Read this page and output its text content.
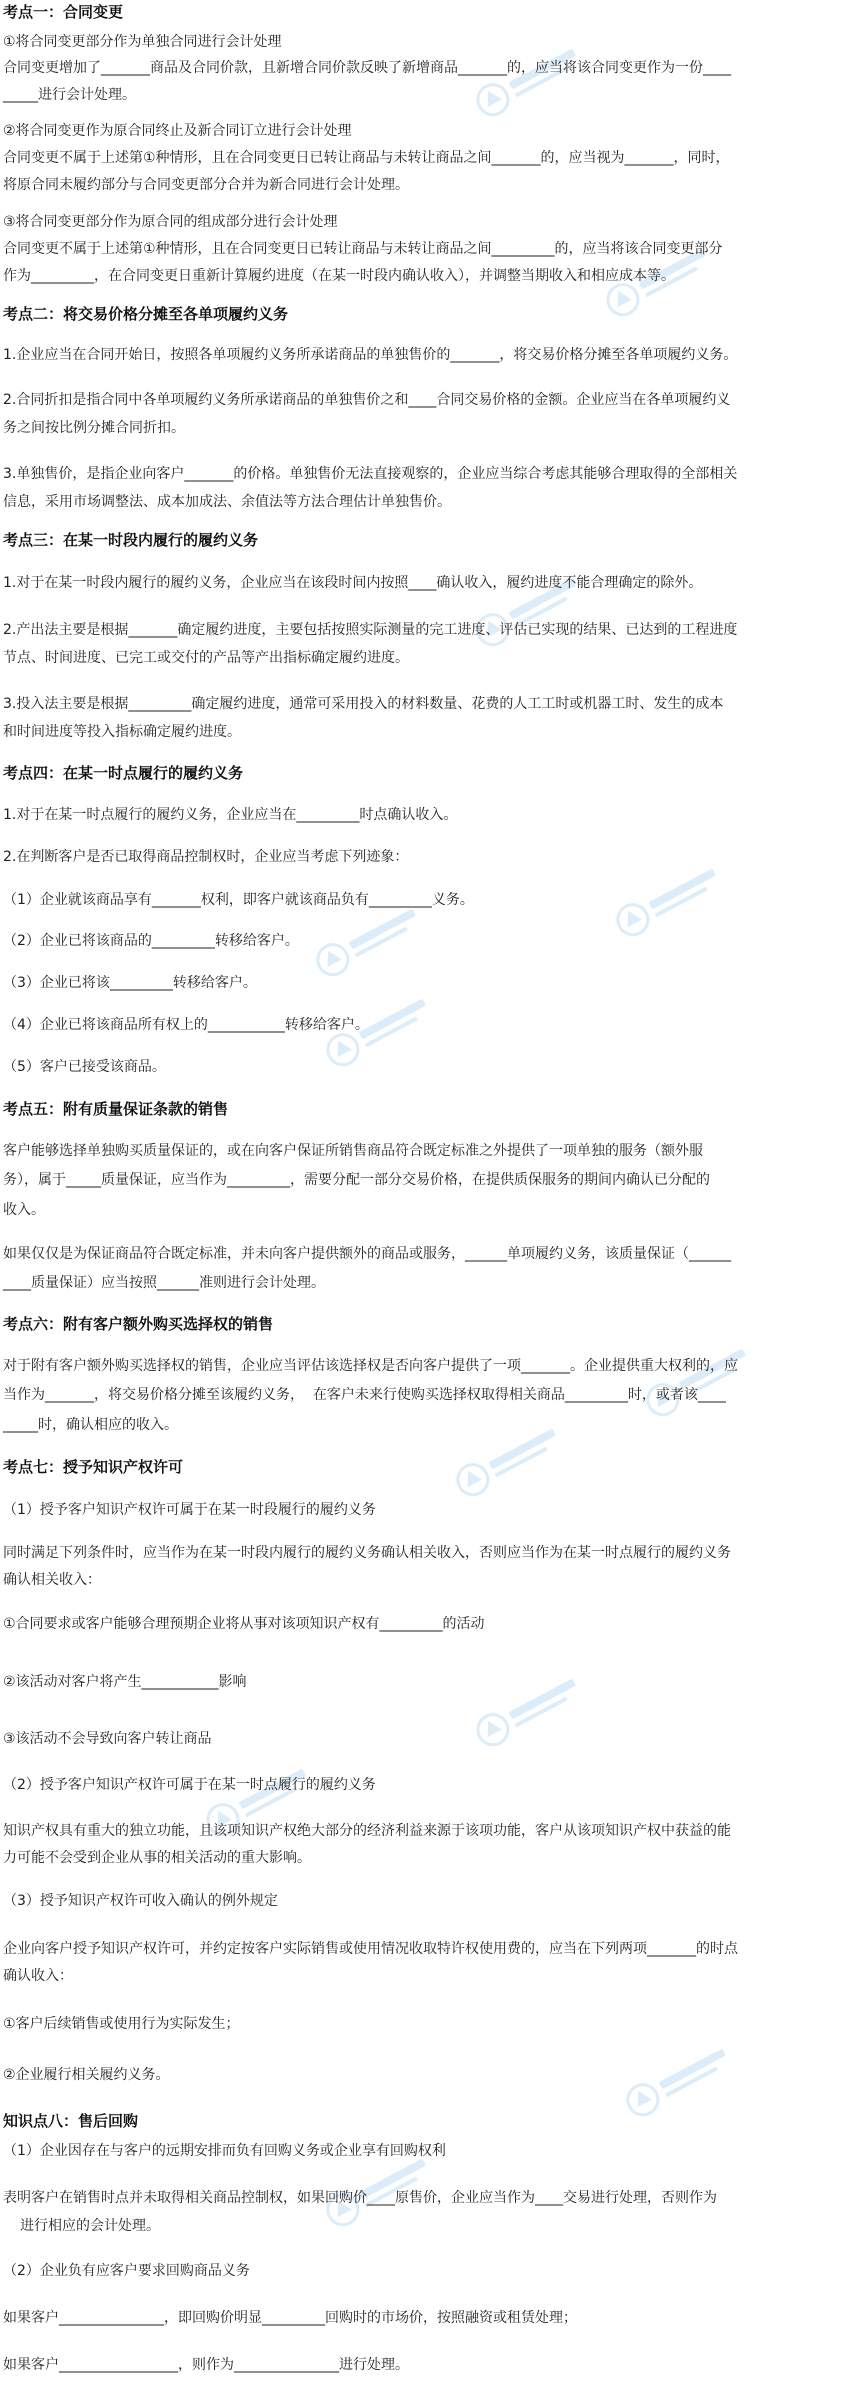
考点一：合同变更
①将合同变更部分作为单独合同进行会计处理
合同变更增加了_______商品及合同价款，且新增合同价款反映了新增商品_______的，应当将该合同变更作为一份____
_____进行会计处理。
②将合同变更作为原合同终止及新合同订立进行会计处理
合同变更不属于上述第①种情形，且在合同变更日已转让商品与未转让商品之间_______的，应当视为_______，同时，
将原合同未履约部分与合同变更部分合并为新合同进行会计处理。
③将合同变更部分作为原合同的组成部分进行会计处理
合同变更不属于上述第①种情形，且在合同变更日已转让商品与未转让商品之间_________的，应当将该合同变更部分
作为_________，在合同变更日重新计算履约进度（在某一时段内确认收入），并调整当期收入和相应成本等。
考点二：将交易价格分摊至各单项履约义务
1.企业应当在合同开始日，按照各单项履约义务所承诺商品的单独售价的_______，将交易价格分摊至各单项履约义务。
2.合同折扣是指合同中各单项履约义务所承诺商品的单独售价之和____合同交易价格的金额。企业应当在各单项履约义
务之间按比例分摊合同折扣。
3.单独售价，是指企业向客户_______的价格。单独售价无法直接观察的，企业应当综合考虑其能够合理取得的全部相关
信息，采用市场调整法、成本加成法、余值法等方法合理估计单独售价。
考点三：在某一时段内履行的履约义务
1.对于在某一时段内履行的履约义务，企业应当在该段时间内按照____确认收入，履约进度不能合理确定的除外。
2.产出法主要是根据_______确定履约进度，主要包括按照实际测量的完工进度、评估已实现的结果、已达到的工程进度
节点、时间进度、已完工或交付的产品等产出指标确定履约进度。
3.投入法主要是根据_________确定履约进度，通常可采用投入的材料数量、花费的人工工时或机器工时、发生的成本
和时间进度等投入指标确定履约进度。
考点四：在某一时点履行的履约义务
1.对于在某一时点履行的履约义务，企业应当在_________时点确认收入。
2.在判断客户是否已取得商品控制权时，企业应当考虑下列迹象：
（1）企业就该商品享有_______权利，即客户就该商品负有_________义务。
（2）企业已将该商品的_________转移给客户。
（3）企业已将该_________转移给客户。
（4）企业已将该商品所有权上的___________转移给客户。
（5）客户已接受该商品。
考点五：附有质量保证条款的销售
客户能够选择单独购买质量保证的，或在向客户保证所销售商品符合既定标准之外提供了一项单独的服务（额外服
务），属于_____质量保证，应当作为_________，需要分配一部分交易价格，在提供质保服务的期间内确认已分配的
收入。
如果仅仅是为保证商品符合既定标准，并未向客户提供额外的商品或服务，______单项履约义务，该质量保证（______
____质量保证）应当按照______准则进行会计处理。
考点六：附有客户额外购买选择权的销售
对于附有客户额外购买选择权的销售，企业应当评估该选择权是否向客户提供了一项_______。企业提供重大权利的，应
当作为_______，将交易价格分摊至该履约义务，  在客户未来行使购买选择权取得相关商品_________时，或者该____
_____时，确认相应的收入。
考点七：授予知识产权许可
（1）授予客户知识产权许可属于在某一时段履行的履约义务
同时满足下列条件时，应当作为在某一时段内履行的履约义务确认相关收入，否则应当作为在某一时点履行的履约义务
确认相关收入：
①合同要求或客户能够合理预期企业将从事对该项知识产权有_________的活动
②该活动对客户将产生___________影响
③该活动不会导致向客户转让商品
（2）授予客户知识产权许可属于在某一时点履行的履约义务
知识产权具有重大的独立功能，且该项知识产权绝大部分的经济利益来源于该项功能，客户从该项知识产权中获益的能
力可能不会受到企业从事的相关活动的重大影响。
（3）授予知识产权许可收入确认的例外规定
企业向客户授予知识产权许可，并约定按客户实际销售或使用情况收取特许权使用费的，应当在下列两项_______的时点
确认收入：
①客户后续销售或使用行为实际发生；
②企业履行相关履约义务。
知识点八：售后回购
（1）企业因存在与客户的远期安排而负有回购义务或企业享有回购权利
表明客户在销售时点并未取得相关商品控制权，如果回购价____原售价，企业应当作为____交易进行处理，否则作为
进行相应的会计处理。
（2）企业负有应客户要求回购商品义务
如果客户_______________，即回购价明显_________回购时的市场价，按照融资或租赁处理；
如果客户_________________，则作为_______________进行处理。
